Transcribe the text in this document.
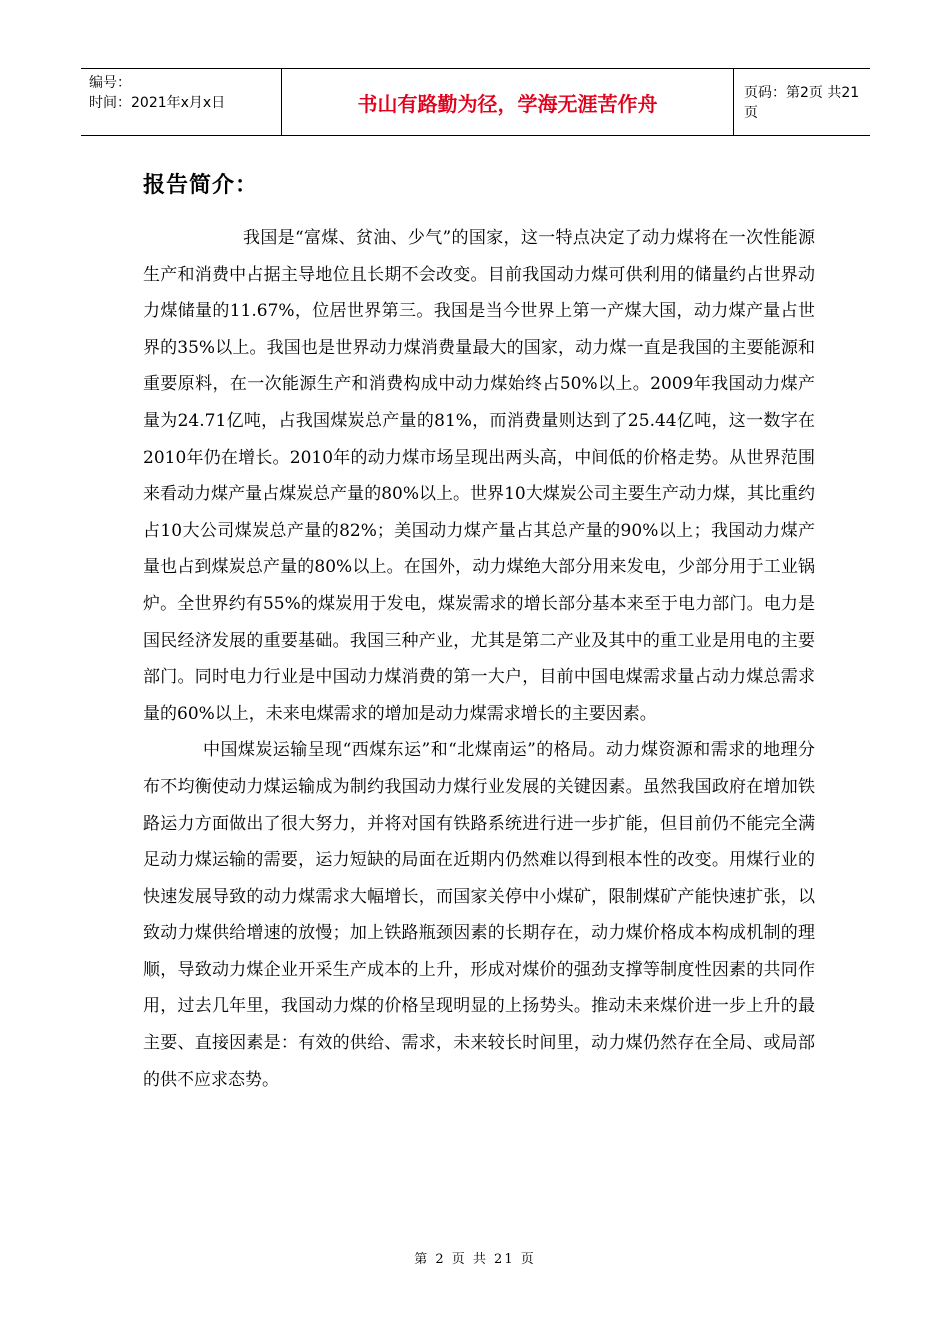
编号：
时间：2021年x月x日	书山有路勤为径，学海无涯苦作舟	页码：第2页 共21页
报告简介：

我国是“富煤、贫油、少气”的国家，这一特点决定了动力煤将在一次性能源生产和消费中占据主导地位且长期不会改变。目前我国动力煤可供利用的储量约占世界动力煤储量的11.67%，位居世界第三。我国是当今世界上第一产煤大国，动力煤产量占世界的35%以上。我国也是世界动力煤消费量最大的国家，动力煤一直是我国的主要能源和重要原料，在一次能源生产和消费构成中动力煤始终占50%以上。2009年我国动力煤产量为24.71亿吨，占我国煤炭总产量的81%，而消费量则达到了25.44亿吨，这一数字在2010年仍在增长。2010年的动力煤市场呈现出两头高，中间低的价格走势。从世界范围来看动力煤产量占煤炭总产量的80%以上。世界10大煤炭公司主要生产动力煤，其比重约占10大公司煤炭总产量的82%；美国动力煤产量占其总产量的90%以上；我国动力煤产量也占到煤炭总产量的80%以上。在国外，动力煤绝大部分用来发电，少部分用于工业锅炉。全世界约有55%的煤炭用于发电，煤炭需求的增长部分基本来至于电力部门。电力是国民经济发展的重要基础。我国三种产业，尤其是第二产业及其中的重工业是用电的主要部门。同时电力行业是中国动力煤消费的第一大户，目前中国电煤需求量占动力煤总需求量的60%以上，未来电煤需求的增加是动力煤需求增长的主要因素。

中国煤炭运输呈现“西煤东运”和“北煤南运”的格局。动力煤资源和需求的地理分布不均衡使动力煤运输成为制约我国动力煤行业发展的关键因素。虽然我国政府在增加铁路运力方面做出了很大努力，并将对国有铁路系统进行进一步扩能，但目前仍不能完全满足动力煤运输的需要，运力短缺的局面在近期内仍然难以得到根本性的改变。用煤行业的快速发展导致的动力煤需求大幅增长，而国家关停中小煤矿，限制煤矿产能快速扩张，以致动力煤供给增速的放慢；加上铁路瓶颈因素的长期存在，动力煤价格成本构成机制的理顺，导致动力煤企业开采生产成本的上升，形成对煤价的强劲支撑等制度性因素的共同作用，过去几年里，我国动力煤的价格呈现明显的上扬势头。推动未来煤价进一步上升的最主要、直接因素是：有效的供给、需求，未来较长时间里，动力煤仍然存在全局、或局部的供不应求态势。

第 2 页 共 21 页
